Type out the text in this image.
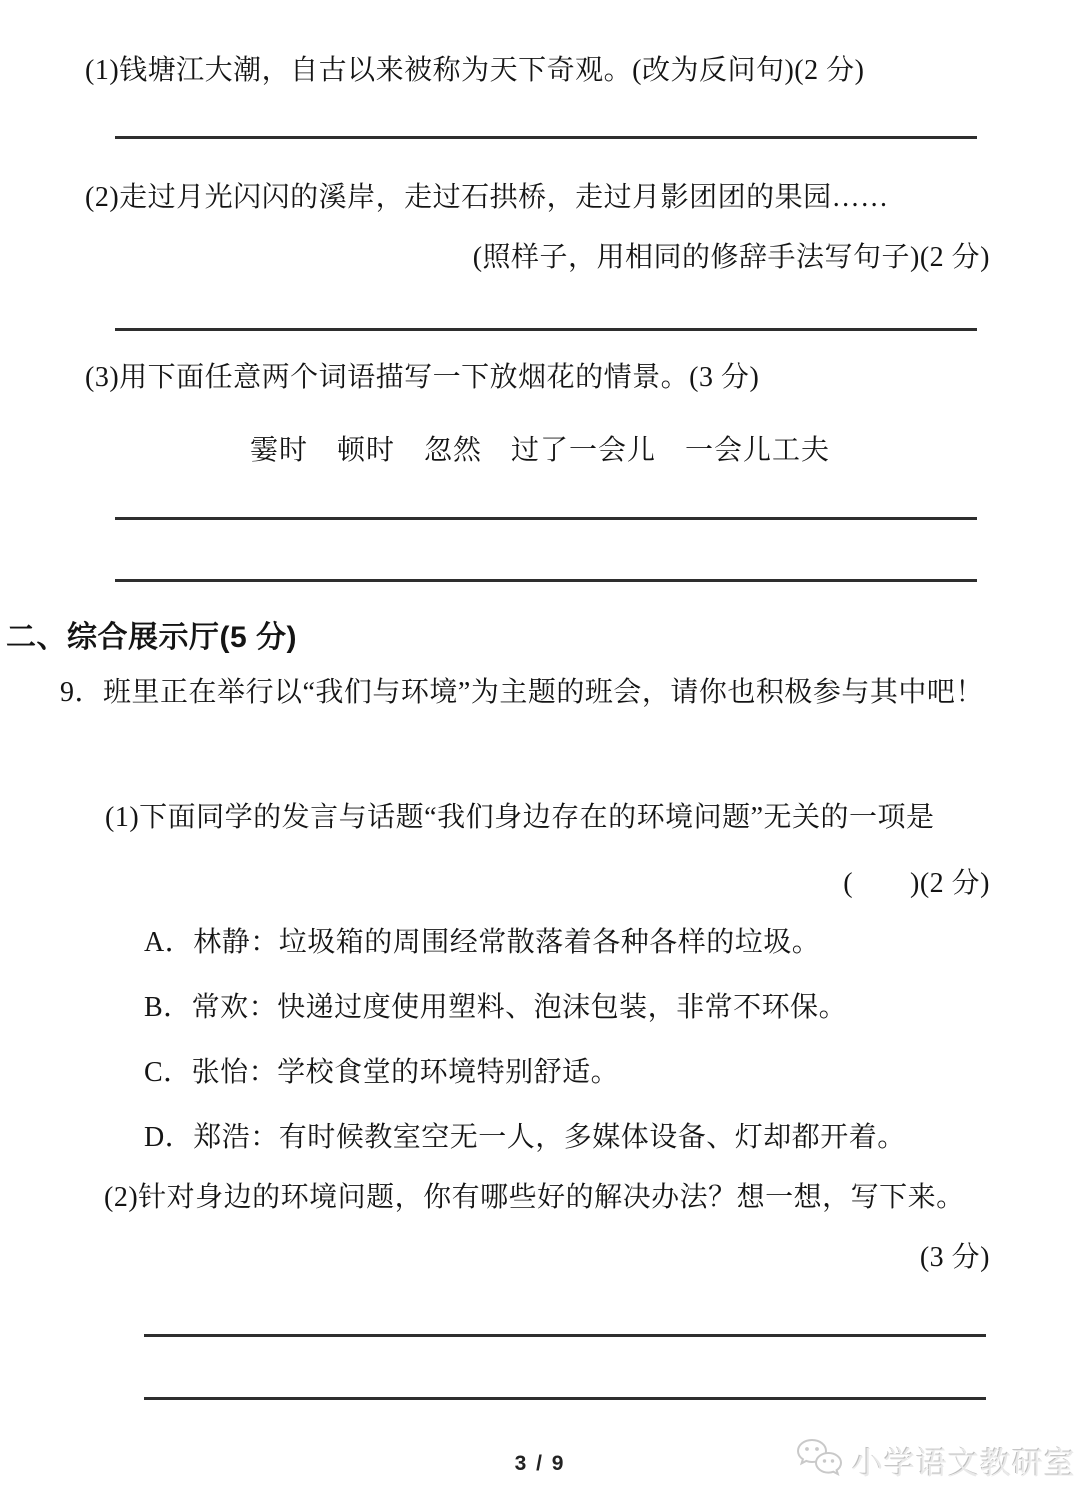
(1)钱塘江大潮，自古以来被称为天下奇观。(改为反问句)(2 分)
(2)走过月光闪闪的溪岸，走过石拱桥，走过月影团团的果园……
(照样子，用相同的修辞手法写句子)(2 分)
(3)用下面任意两个词语描写一下放烟花的情景。(3 分)
霎时　顿时　忽然　过了一会儿　一会儿工夫
二、综合展示厅(5 分)
9．班里正在举行以“我们与环境”为主题的班会，请你也积极参与其中吧！
(1)下面同学的发言与话题“我们身边存在的环境问题”无关的一项是
(　　)(2 分)
A．林静：垃圾箱的周围经常散落着各种各样的垃圾。
B．常欢：快递过度使用塑料、泡沫包装，非常不环保。
C．张怡：学校食堂的环境特别舒适。
D．郑浩：有时候教室空无一人，多媒体设备、灯却都开着。
(2)针对身边的环境问题，你有哪些好的解决办法？想一想，写下来。
(3 分)
3 / 9	小学语文教研室
